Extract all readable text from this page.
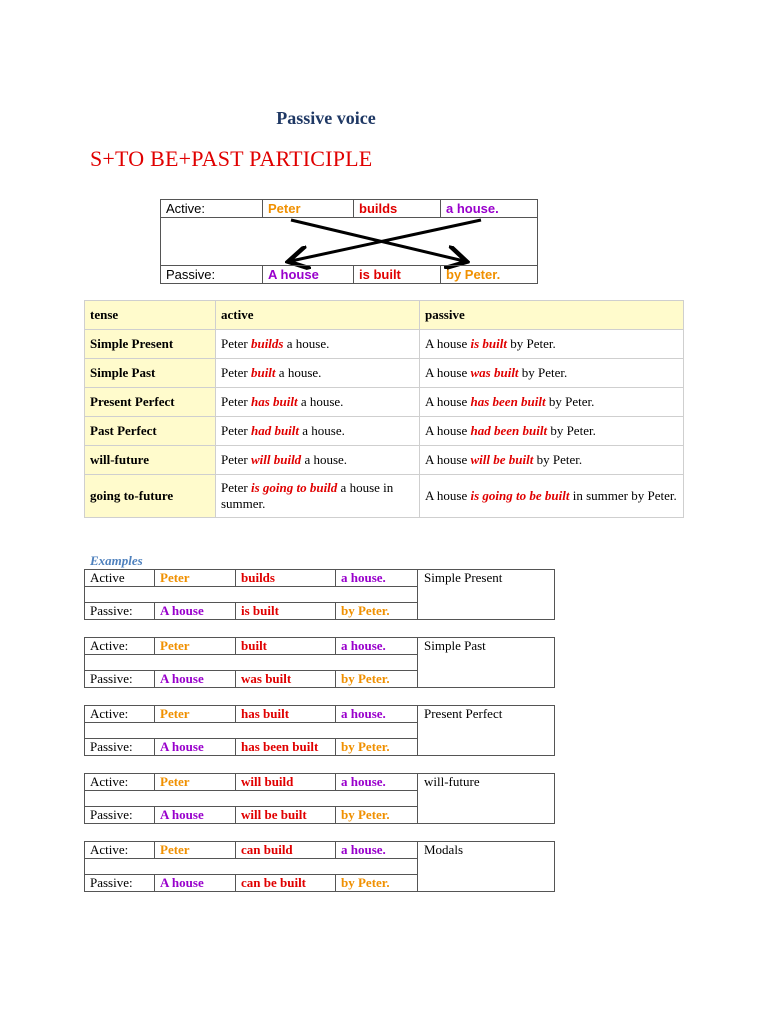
Passive voice
S+TO BE+PAST PARTICIPLE
Active:	Peter	builds	a house.
Passive:	A house	is built	by Peter.
tense	active	passive
Simple Present	Peter builds a house.	A house is built by Peter.
Simple Past	Peter built a house.	A house was built by Peter.
Present Perfect	Peter has built a house.	A house has been built by Peter.
Past Perfect	Peter had built a house.	A house had been built by Peter.
will-future	Peter will build a house.	A house will be built by Peter.
going to-future	Peter is going to build a house in summer.	A house is going to be built in summer by Peter.
Examples
Active	Peter	builds	a house.
Passive:	A house	is built	by Peter.
Simple Present
Active:	Peter	built	a house.
Passive:	A house	was built	by Peter.
Simple Past
Active:	Peter	has built	a house.
Passive:	A house	has been built	by Peter.
Present Perfect
Active:	Peter	will build	a house.
Passive:	A house	will be built	by Peter.
will-future
Active:	Peter	can build	a house.
Passive:	A house	can be built	by Peter.
Modals
